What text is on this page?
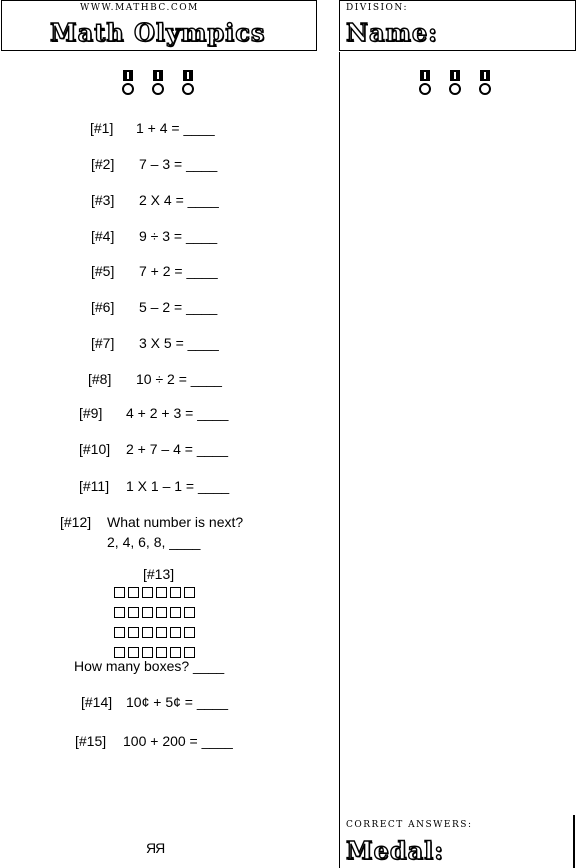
WWW.MATHBC.COM
Math Olympics
DIVISION:
Name:
[#1] 1 + 4 = ____
[#2] 7 – 3 = ____
[#3] 2 X 4 = ____
[#4] 9 ÷ 3 = ____
[#5] 7 + 2 = ____
[#6] 5 – 2 = ____
[#7] 3 X 5 = ____
[#8] 10 ÷ 2 = ____
[#9] 4 + 2 + 3 = ____
[#10] 2 + 7 – 4 = ____
[#11] 1 X 1 – 1 = ____
[#12] What number is next?
2, 4, 6, 8, ____
[#13]
How many boxes? ____
[#14] 10¢ + 5¢ = ____
[#15] 100 + 200 = ____
ЯЯ
CORRECT ANSWERS:
Medal:
